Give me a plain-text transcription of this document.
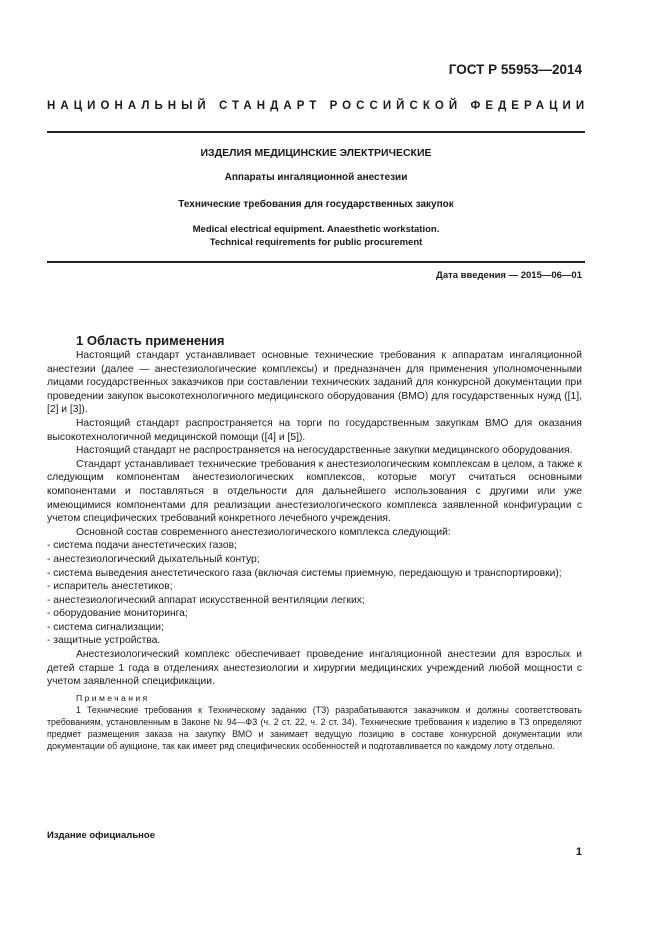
ГОСТ Р 55953—2014
НАЦИОНАЛЬНЫЙ СТАНДАРТ РОССИЙСКОЙ ФЕДЕРАЦИИ
ИЗДЕЛИЯ МЕДИЦИНСКИЕ ЭЛЕКТРИЧЕСКИЕ
Аппараты ингаляционной анестезии
Технические требования для государственных закупок
Medical electrical equipment. Anaesthetic workstation.
Technical requirements for public procurement
Дата введения — 2015—06—01
1 Область применения

Настоящий стандарт устанавливает основные технические требования к аппаратам ингаляционной анестезии (далее — анестезиологические комплексы) и предназначен для применения уполномоченными лицами государственных заказчиков при составлении технических заданий для конкурсной документации при проведении закупок высокотехнологичного медицинского оборудования (ВМО) для государственных нужд ([1], [2] и [3]).

Настоящий стандарт распространяется на торги по государственным закупкам ВМО для оказания высокотехнологичной медицинской помощи ([4] и [5]).

Настоящий стандарт не распространяется на негосударственные закупки медицинского оборудования.

Стандарт устанавливает технические требования к анестезиологическим комплексам в целом, а также к следующим компонентам анестезиологических комплексов, которые могут считаться основными компонентами и поставляться в отдельности для дальнейшего использования с другими или уже имеющимися компонентами для реализации анестезиологического комплекса заявленной конфигурации с учетом специфических требований конкретного лечебного учреждения.

Основной состав современного анестезиологического комплекса следующий:

- система подачи анестетических газов;

- анестезиологический дыхательный контур;

- система выведения анестетического газа (включая системы приемную, передающую и транспортировки);

- испаритель анестетиков;

- анестезиологический аппарат искусственной вентиляции легких;

- оборудование мониторинга;

- система сигнализации;

- защитные устройства.

Анестезиологический комплекс обеспечивает проведение ингаляционной анестезии для взрослых и детей старше 1 года в отделениях анестезиологии и хирургии медицинских учреждений любой мощности с учетом заявленной спецификации.

Примечания

1 Технические требования к Техническому заданию (ТЗ) разрабатываются заказчиком и должны соответствовать требованиям, установленным в Законе № 94—ФЗ (ч. 2 ст. 22, ч. 2 ст. 34). Технические требования к изделию в ТЗ определяют предмет размещения заказа на закупку ВМО и занимает ведущую позицию в составе конкурсной документации или документации об аукционе, так как имеет ряд специфических особенностей и подготавливается по каждому лоту отдельно.

Издание официальное
1
